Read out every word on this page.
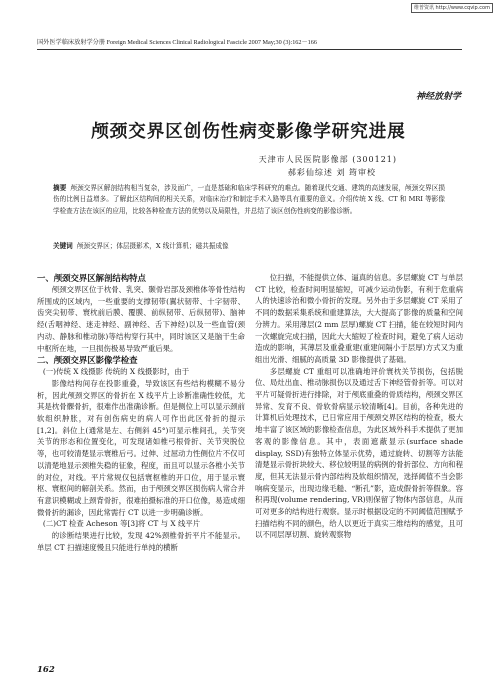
维普资讯 http://www.cqvip.com
国外医学临床放射学分册 Foreign Medical Sciences Clinical Radiological Fascicle 2007 May;30 (3):162－166
神经放射学
颅颈交界区创伤性病变影像学研究进展
天津市人民医院影像部 (300121)
郝彩仙综述 刘 筠审校
摘要 颅颈交界区解剖结构相当复杂，涉及面广，一直是基础和临床学科研究的难点。随着现代交通、建筑的高速发展，颅颈交界区损伤的比例日益增多。了解此区结构间的相关关系，对临床治疗和制定手术入路等具有重要的意义。介绍传统 X 线、CT 和 MRI 等影像学检查方法在该区的应用，比较各种检查方法的优势以及局限性，并总结了该区创伤性病变的影像诊断。
关键词 颅颈交界区；体层摄影术，X 线计算机；磁共振成像
一、颅颈交界区解剖结构特点

颅颈交界区位于枕骨、乳突、颞骨岩部及颈椎体等骨性结构所围成的区域内，一些重要的支撑韧带(翼状韧带、十字韧带、齿突尖韧带、寰枕前后膜、覆膜、前纵韧带、后纵韧带)、脑神经(舌咽神经、迷走神经、副神经、舌下神经)以及一些血管(颈内动、静脉和椎动脉)等结构穿行其中，同时该区又是脑干生命中枢所在地，一旦损伤极易导致严重后果。

二、颅颈交界区影像学检查
(一)传统 X 线摄影 传统的 X 线摄影时，由于

影像结构间存在投影重叠，导致该区有些结构模糊不易分析，因此颅颈交界区的骨折在 X 线平片上诊断准确性较低，尤其是枕骨髁骨折，很难作出准确诊断。但是侧位上可以显示颈前软组织肿胀，对有创伤病史的病人可作出此区骨折的提示[1,2]。斜位上(通常是左、右侧斜 45°)可显示椎间孔，关节突关节的形态和位置变化，可发现诸如椎弓根骨折、关节突脱位等，也可较清楚显示寰椎后弓。过伸、过屈动力性侧位片不仅可以清楚地显示颈椎失稳的征象，程度，而且可以显示各椎小关节的对位，对线。平片常规仅包括寰枢椎的开口位，用于显示寰枢、寰枢间的解剖关系。然而，由于颅颈交界区损伤病人常合并有意识模糊或上颈背骨折，很难拍摄标准的开口位像，易造成细微骨折的漏诊，因此常需行 CT 以进一步明确诊断。

(二)CT 检查 Acheson 等[3]将 CT 与 X 线平片

的诊断结果进行比较，发现 42%颈椎骨折平片不能显示。单层 CT 扫描速度慢且只能进行单纯的横断

位扫描，不能提供立体、逼真的信息。多层螺旋 CT 与单层 CT 比较，检查时间明显缩短，可减少运动伪影，有利于危重病人的快速诊治和微小骨折的发现。另外由于多层螺旋 CT 采用了不同的数据采集系统和重建算法，大大提高了影像的质量和空间分辨力。采用薄层(2 mm 层厚)螺旋 CT 扫描，能在较短时间内一次螺旋完成扫描，因此大大缩短了检查时间，避免了病人运动造成的影响，其薄层及重叠重建(重建间隔小于层厚)方式又为重组出光滑、细腻的高质量 3D 影像提供了基础。

多层螺旋 CT 重组可以准确地评价寰枕关节损伤，包括脱位、局灶出血、椎动脉损伤以及通过舌下神经管骨折等。可以对平片可疑骨折进行排除，对于颅底重叠的骨质结构，颅颈交界区异常、发育不良、骨软骨病显示较清晰[4]。目前，各种先进的计算机后处理技术，已日常应用于颅颈交界区结构的检查，极大地丰富了该区域的影像检查信息，为此区域外科手术提供了更加客观的影像信息。其中，表面遮蔽显示(surface shade display, SSD)有独特立体显示优势，通过旋转、切割等方法能清楚显示骨折块较大、移位较明显的病例的骨折部位、方向和程度，但其无法显示骨内部结构及软组织情况，选择阈值不当会影响病变显示，出现边缘毛糙、“断孔”影，造成假骨折等假象。容积再现(volume rendering, VR)则保留了物体内部信息，从而可对更多的结构进行观察。显示时根据设定的不同阈值范围赋予扫描结构不同的颜色，给人以更近于真实三维结构的感觉，且可以不同层厚切割、旋转观察物

162
